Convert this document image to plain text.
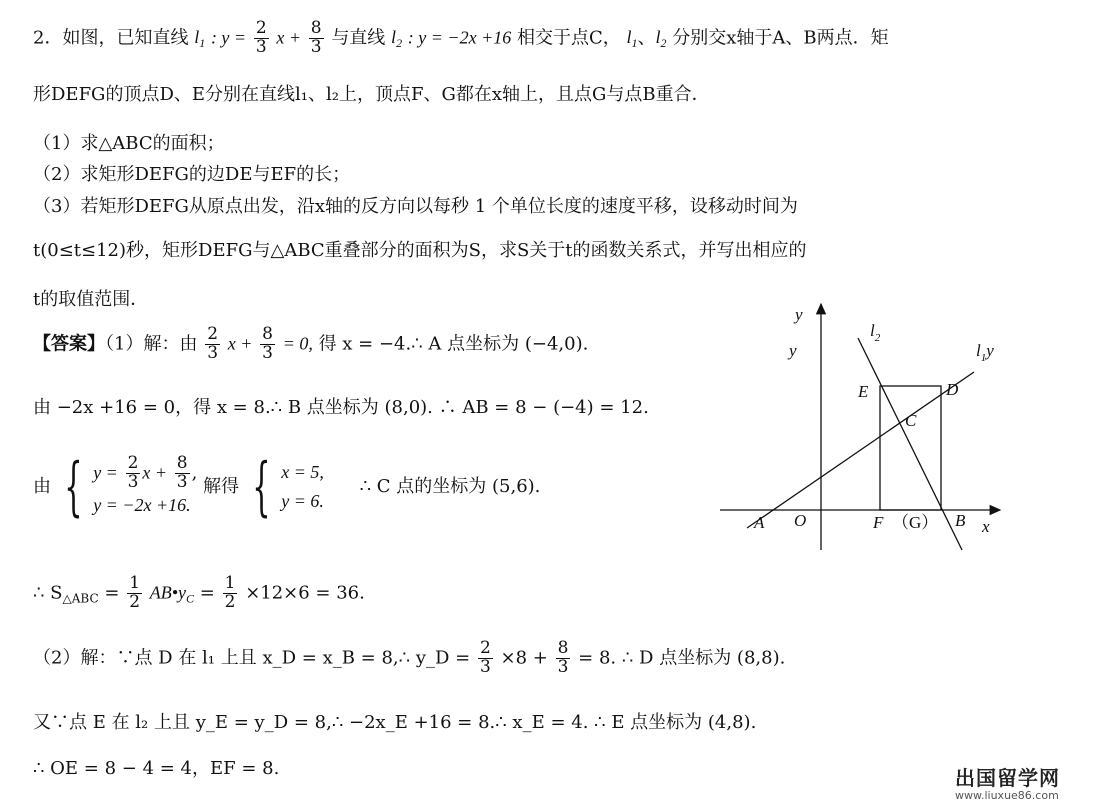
2．如图，已知直线 $l_1$ : $y = \frac{2}{3}$ $x + \frac{8}{3}$ 与直线 $l_2$ : y = −2x +16 相交于点C， $l_1$、$l_2$ 分别交x轴于A、B两点．矩
形DEFG的顶点D、E分别在直线l₁、l₂上，顶点F、G都在x轴上，且点G与点B重合．
（1）求△ABC的面积；
（2）求矩形DEFG的边DE与EF的长；
（3）若矩形DEFG从原点出发，沿x轴的反方向以每秒 1 个单位长度的速度平移，设移动时间为
t(0≤t≤12)秒，矩形DEFG与△ABC重叠部分的面积为S，求S关于t的函数关系式，并写出相应的
t的取值范围．
【答案】（1）解：由 $\frac{2}{3}$ $x + \frac{8}{3} = 0$, 得 x = −4.∴ A 点坐标为 (−4,0).
由 −2x +16 = 0，得 x = 8.∴ B 点坐标为 (8,0). ∴ AB = 8 − (−4) = 12.
由 { $y = \frac{2}{3}$ $x + \frac{8}{3}$ ,
y = −2x +16.
解得 { x = 5,
y = 6.
∴ C 点的坐标为 (5,6).
∴ $S_{\triangle ABC} = \frac{1}{2}$ $AB•y_C = \frac{1}{2} \times 12\times 6 = 36$.
（2）解：∵点 D 在 l₁ 上且 x_D = x_B = 8,∴ y_D = $\frac{2}{3} \times 8 + \frac{8}{3} = 8$. ∴ D 点坐标为 (8,8).
又∵点 E 在 l₂ 上且 y_E = y_D = 8,∴ −2x_E +16 = 8.∴ x_E = 4. ∴ E 点坐标为 (4,8).
∴ OE = 8 − 4 = 4，EF = 8.
y
y
$l_2$
$l_1y$
E	D
C
A O	F （G） B x
出国留学网
www.liuxue86.com
